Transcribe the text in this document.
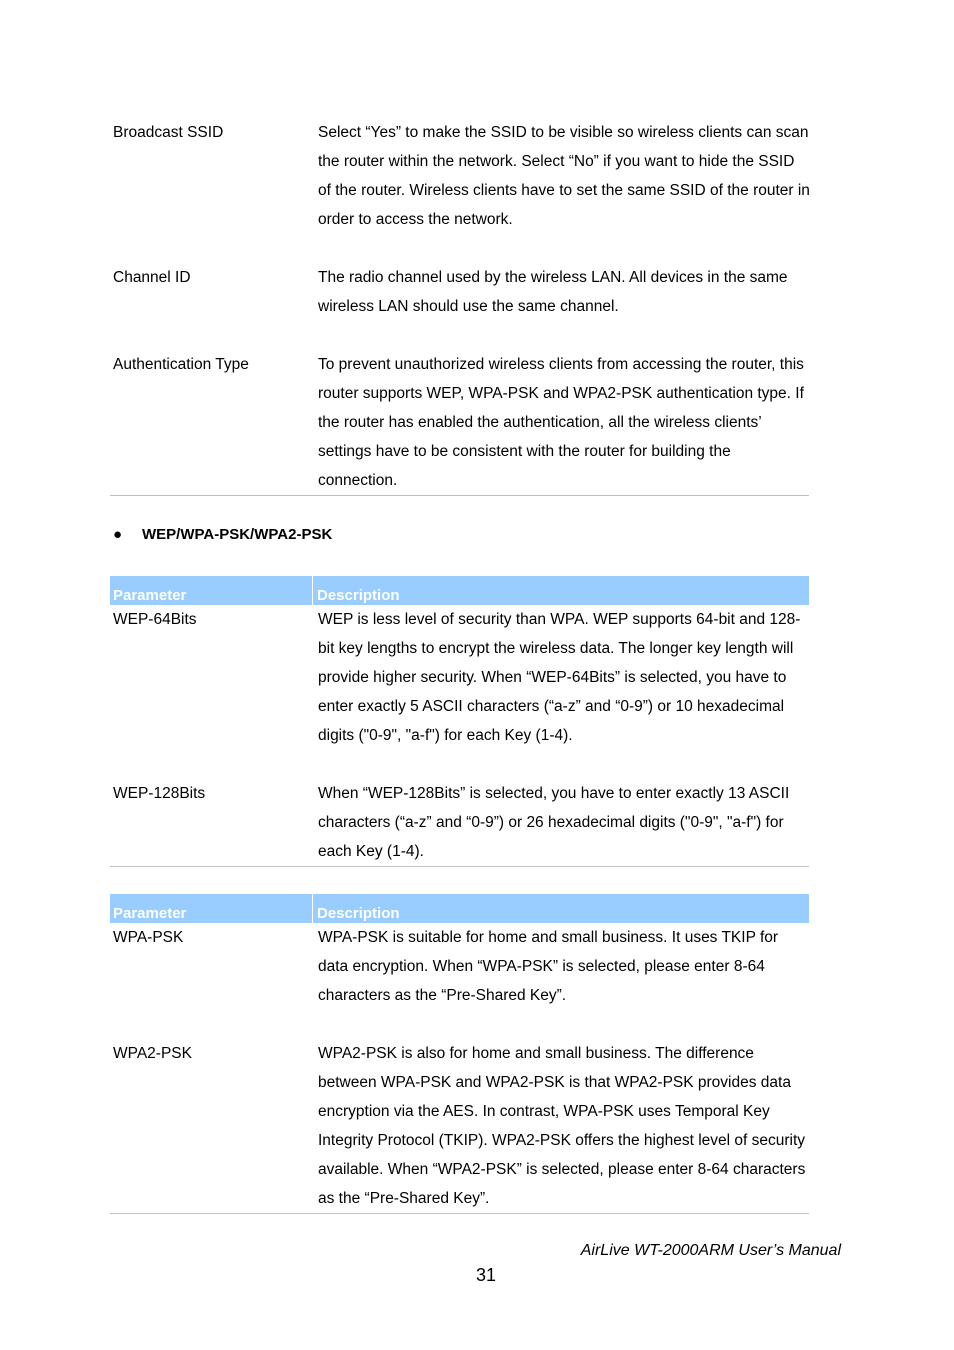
Broadcast SSID	Select “Yes” to make the SSID to be visible so wireless clients can scan the router within the network. Select “No” if you want to hide the SSID of the router. Wireless clients have to set the same SSID of the router in order to access the network.
Channel ID	The radio channel used by the wireless LAN. All devices in the same wireless LAN should use the same channel.
Authentication Type	To prevent unauthorized wireless clients from accessing the router, this router supports WEP, WPA-PSK and WPA2-PSK authentication type. If the router has enabled the authentication, all the wireless clients’ settings have to be consistent with the router for building the connection.
● WEP/WPA-PSK/WPA2-PSK
Parameter	Description
WEP-64Bits	WEP is less level of security than WPA. WEP supports 64-bit and 128-bit key lengths to encrypt the wireless data. The longer key length will provide higher security. When “WEP-64Bits” is selected, you have to enter exactly 5 ASCII characters (“a-z” and “0-9”) or 10 hexadecimal digits ("0-9", "a-f") for each Key (1-4).
WEP-128Bits	When “WEP-128Bits” is selected, you have to enter exactly 13 ASCII characters (“a-z” and “0-9”) or 26 hexadecimal digits ("0-9", "a-f") for each Key (1-4).
Parameter	Description
WPA-PSK	WPA-PSK is suitable for home and small business. It uses TKIP for data encryption. When “WPA-PSK” is selected, please enter 8-64 characters as the “Pre-Shared Key”.
WPA2-PSK	WPA2-PSK is also for home and small business. The difference between WPA-PSK and WPA2-PSK is that WPA2-PSK provides data encryption via the AES. In contrast, WPA-PSK uses Temporal Key Integrity Protocol (TKIP). WPA2-PSK offers the highest level of security available. When “WPA2-PSK” is selected, please enter 8-64 characters as the “Pre-Shared Key”.
AirLive WT-2000ARM User’s Manual
31
